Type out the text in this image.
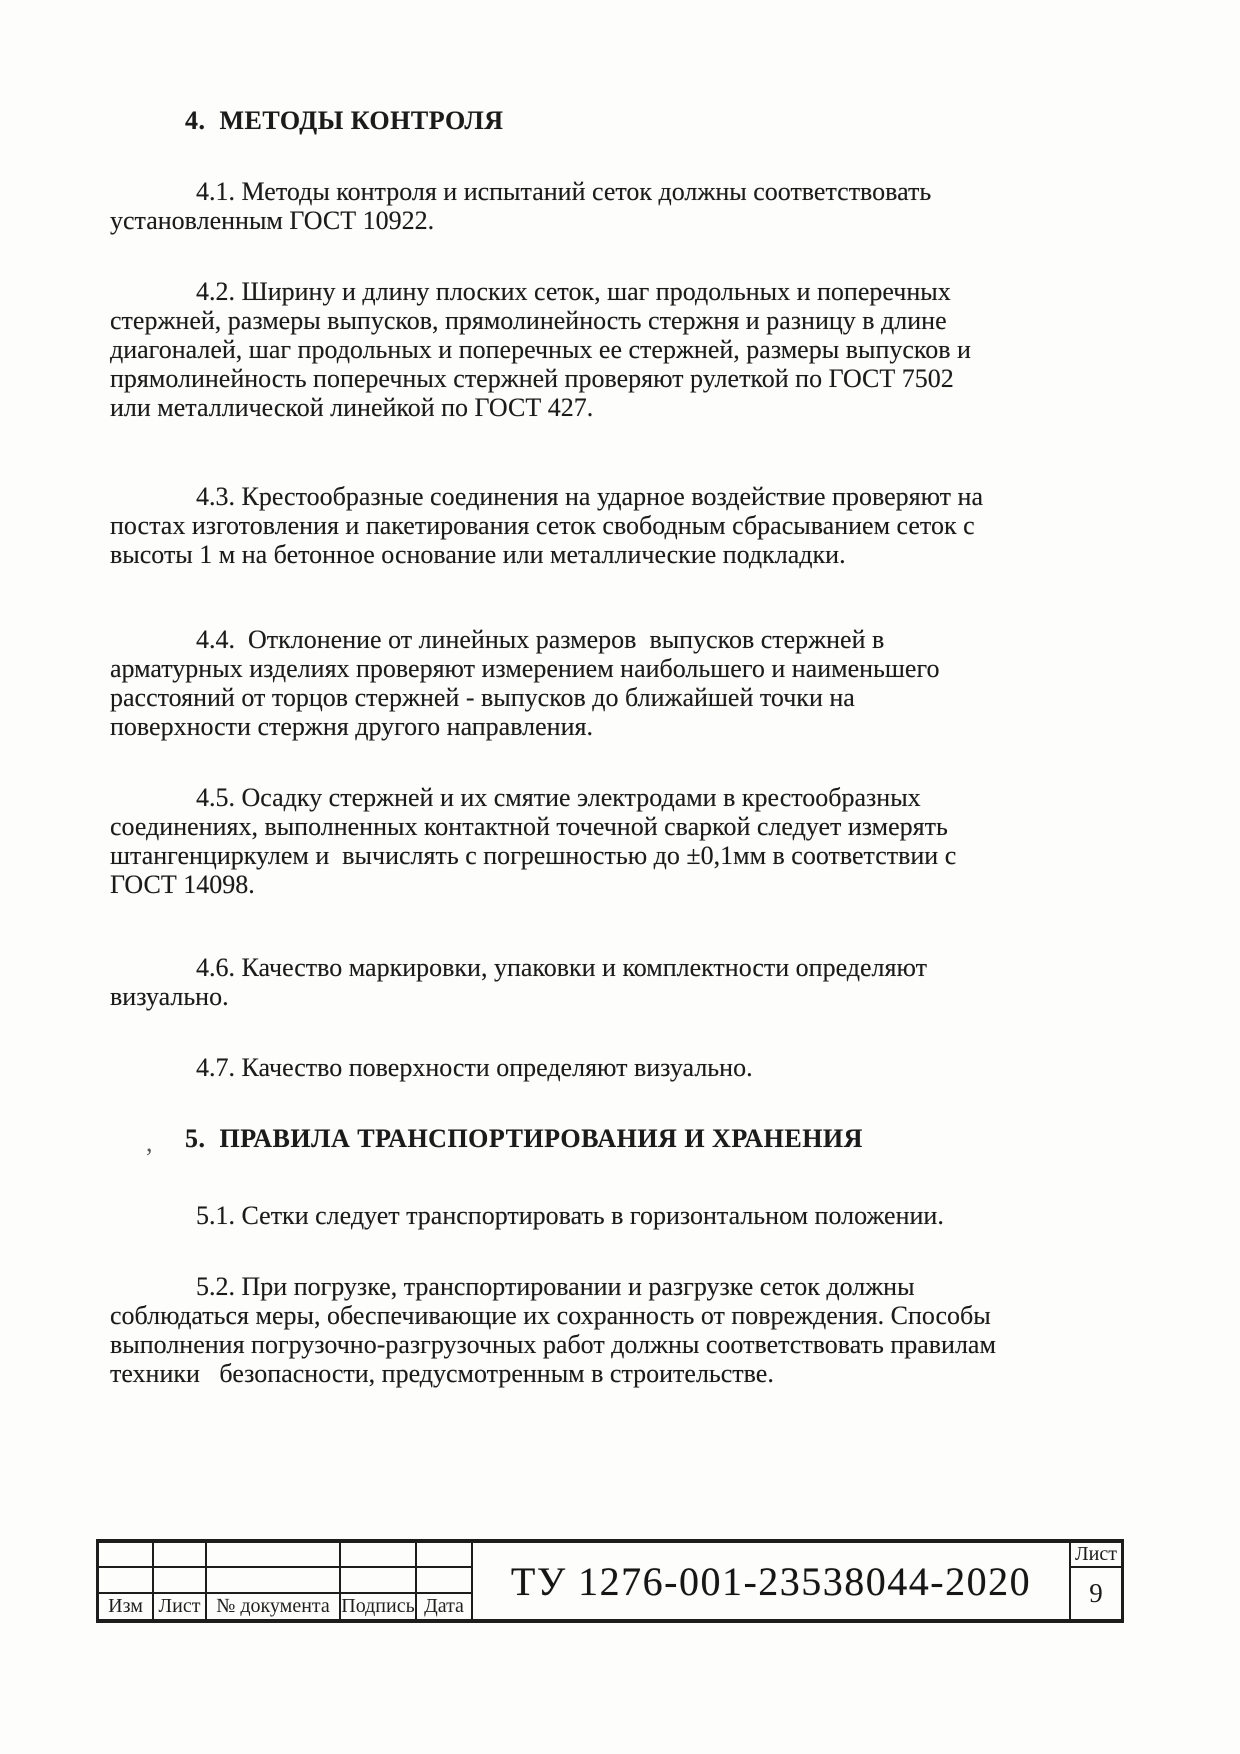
4.  МЕТОДЫ КОНТРОЛЯ
4.1. Методы контроля и испытаний сеток должны соответствовать
установленным ГОСТ 10922.
4.2. Ширину и длину плоских сеток, шаг продольных и поперечных
стержней, размеры выпусков, прямолинейность стержня и разницу в длине
диагоналей, шаг продольных и поперечных ее стержней, размеры выпусков и
прямолинейность поперечных стержней проверяют рулеткой по ГОСТ 7502
или металлической линейкой по ГОСТ 427.
4.3. Крестообразные соединения на ударное воздействие проверяют на
постах изготовления и пакетирования сеток свободным сбрасыванием сеток с
высоты 1 м на бетонное основание или металлические подкладки.
4.4.  Отклонение от линейных размеров  выпусков стержней в
арматурных изделиях проверяют измерением наибольшего и наименьшего
расстояний от торцов стержней - выпусков до ближайшей точки на
поверхности стержня другого направления.
4.5. Осадку стержней и их смятие электродами в крестообразных
соединениях, выполненных контактной точечной сваркой следует измерять
штангенциркулем и  вычислять с погрешностью до ±0,1мм в соответствии с
ГОСТ 14098.
4.6. Качество маркировки, упаковки и комплектности определяют
визуально.
4.7. Качество поверхности определяют визуально.
5.  ПРАВИЛА ТРАНСПОРТИРОВАНИЯ И ХРАНЕНИЯ
5.1. Сетки следует транспортировать в горизонтальном положении.
5.2. При погрузке, транспортировании и разгрузке сеток должны
соблюдаться меры, обеспечивающие их сохранность от повреждения. Способы
выполнения погрузочно-разгрузочных работ должны соответствовать правилам
техники   безопасности, предусмотренным в строительстве.
,
Изм Лист № документа Подпись Дата
ТУ 1276-001-23538044-2020
Лист
9
